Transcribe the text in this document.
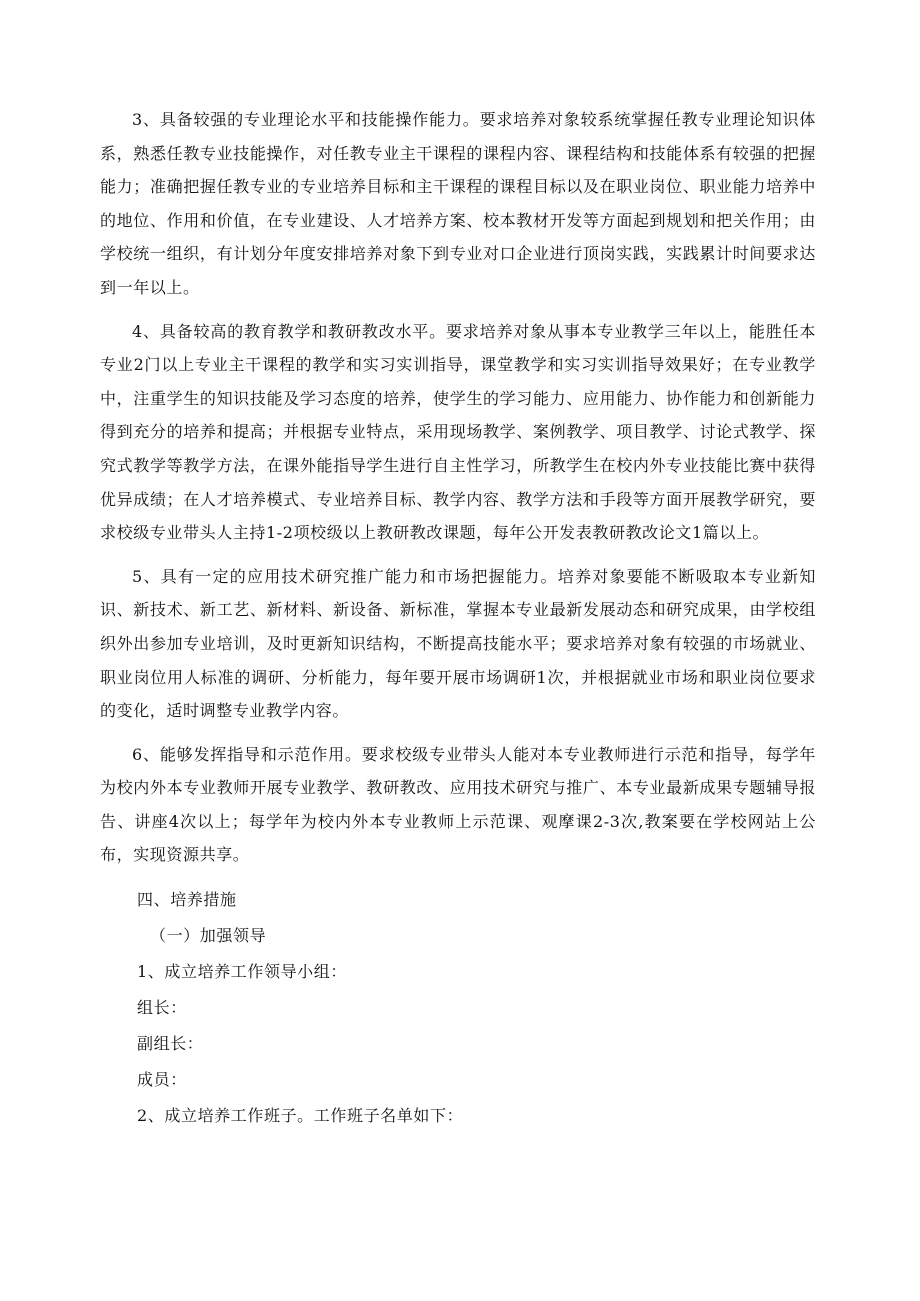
3、具备较强的专业理论水平和技能操作能力。要求培养对象较系统掌握任教专业理论知识体系，熟悉任教专业技能操作，对任教专业主干课程的课程内容、课程结构和技能体系有较强的把握能力；准确把握任教专业的专业培养目标和主干课程的课程目标以及在职业岗位、职业能力培养中的地位、作用和价值，在专业建设、人才培养方案、校本教材开发等方面起到规划和把关作用；由学校统一组织，有计划分年度安排培养对象下到专业对口企业进行顶岗实践，实践累计时间要求达到一年以上。

4、具备较高的教育教学和教研教改水平。要求培养对象从事本专业教学三年以上，能胜任本专业2门以上专业主干课程的教学和实习实训指导，课堂教学和实习实训指导效果好；在专业教学中，注重学生的知识技能及学习态度的培养，使学生的学习能力、应用能力、协作能力和创新能力得到充分的培养和提高；并根据专业特点，采用现场教学、案例教学、项目教学、讨论式教学、探究式教学等教学方法，在课外能指导学生进行自主性学习，所教学生在校内外专业技能比赛中获得优异成绩；在人才培养模式、专业培养目标、教学内容、教学方法和手段等方面开展教学研究，要求校级专业带头人主持1-2项校级以上教研教改课题，每年公开发表教研教改论文1篇以上。

5、具有一定的应用技术研究推广能力和市场把握能力。培养对象要能不断吸取本专业新知识、新技术、新工艺、新材料、新设备、新标准，掌握本专业最新发展动态和研究成果，由学校组织外出参加专业培训，及时更新知识结构，不断提高技能水平；要求培养对象有较强的市场就业、职业岗位用人标准的调研、分析能力，每年要开展市场调研1次，并根据就业市场和职业岗位要求的变化，适时调整专业教学内容。

6、能够发挥指导和示范作用。要求校级专业带头人能对本专业教师进行示范和指导，每学年为校内外本专业教师开展专业教学、教研教改、应用技术研究与推广、本专业最新成果专题辅导报告、讲座4次以上；每学年为校内外本专业教师上示范课、观摩课2-3次,教案要在学校网站上公布，实现资源共享。

四、培养措施

（一）加强领导

1、成立培养工作领导小组：

组长：

副组长：

成员：

2、成立培养工作班子。工作班子名单如下：
